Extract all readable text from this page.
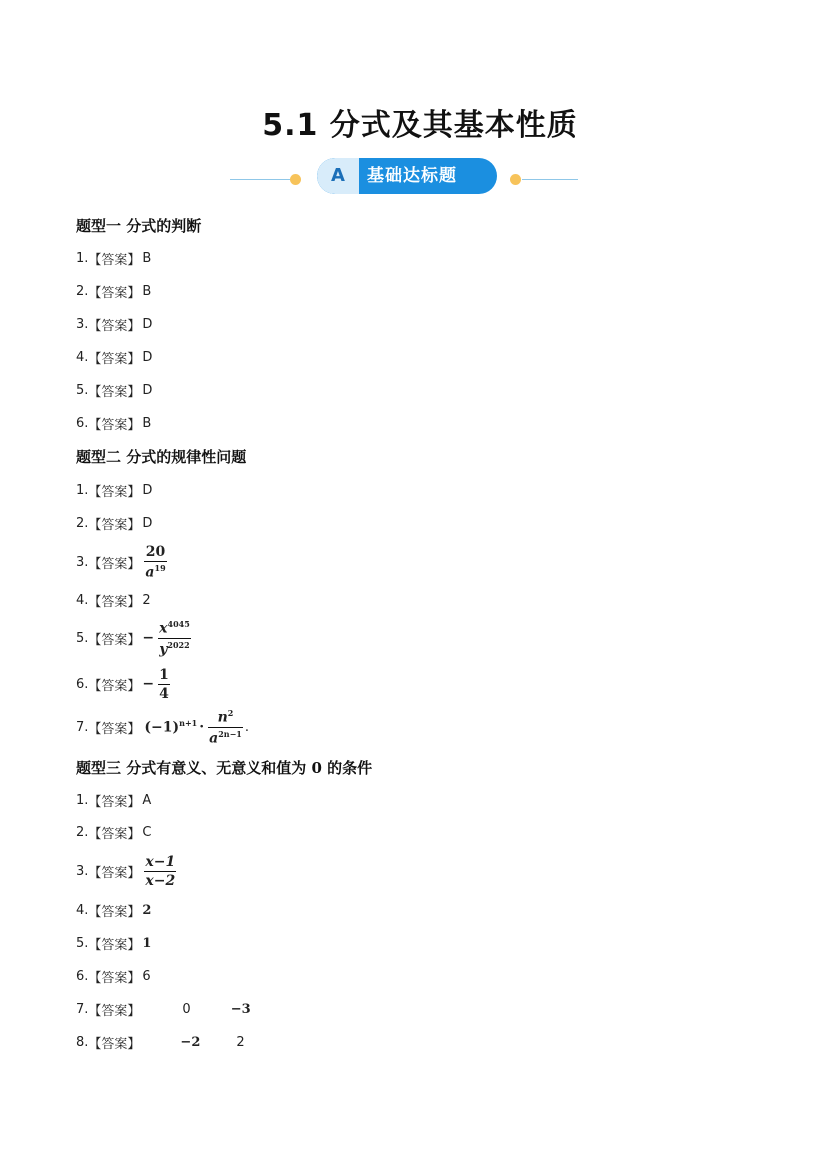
5.1 分式及其基本性质
A	基础达标题
题型一 分式的判断
1. 【答案】 B
2. 【答案】 B
3. 【答案】 D
4. 【答案】 D
5. 【答案】 D
6. 【答案】 B
题型二 分式的规律性问题
1. 【答案】 D
2. 【答案】 D
3. 【答案】 $\frac{20}{a^{19}}$
4. 【答案】 2
5. 【答案】 − $\frac{x^{4045}}{y^{2022}}$
6. 【答案】 − $\frac{1}{4}$
7. 【答案】 $(-1)^{n+1} \cdot \frac{n^2}{a^{2n-1}}$ .
题型三 分式有意义、无意义和值为 0 的条件
1. 【答案】 A
2. 【答案】 C
3. 【答案】 $\frac{x-1}{x-2}$
4. 【答案】 2
5. 【答案】 1
6. 【答案】 6
7. 【答案】	0	−3
8. 【答案】	−2	2
